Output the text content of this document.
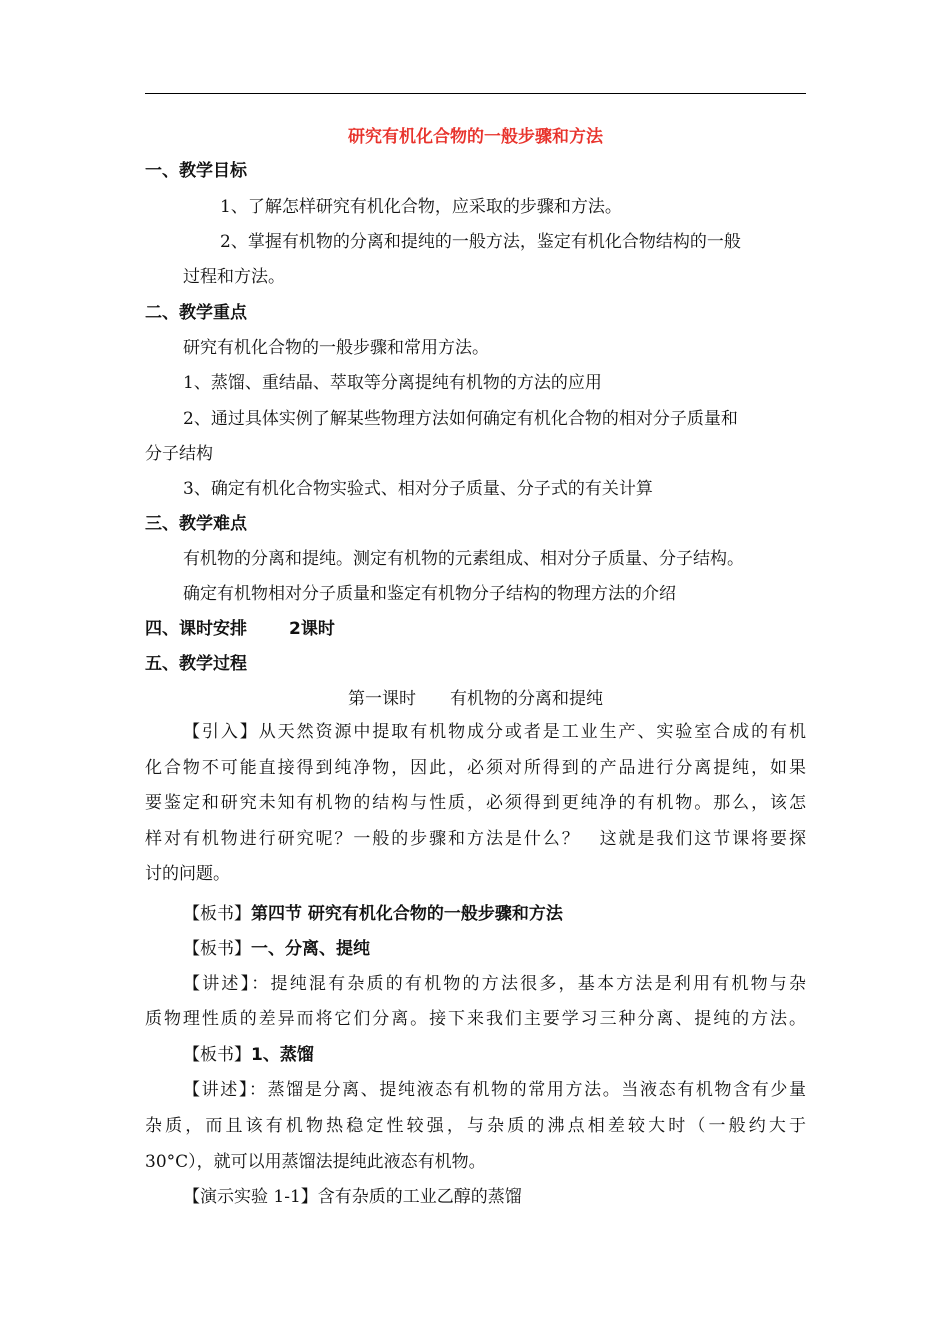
研究有机化合物的一般步骤和方法
一、教学目标
1、了解怎样研究有机化合物，应采取的步骤和方法。
2、掌握有机物的分离和提纯的一般方法，鉴定有机化合物结构的一般
过程和方法。
二、教学重点
研究有机化合物的一般步骤和常用方法。
1、蒸馏、重结晶、萃取等分离提纯有机物的方法的应用
2、通过具体实例了解某些物理方法如何确定有机化合物的相对分子质量和
分子结构
3、确定有机化合物实验式、相对分子质量、分子式的有关计算
三、教学难点
有机物的分离和提纯。测定有机物的元素组成、相对分子质量、分子结构。
确定有机物相对分子质量和鉴定有机物分子结构的物理方法的介绍
四、课时安排 2课时
五、教学过程
第一课时　　有机物的分离和提纯
【引入】从天然资源中提取有机物成分或者是工业生产、实验室合成的有机
化合物不可能直接得到纯净物，因此，必须对所得到的产品进行分离提纯，如果
要鉴定和研究未知有机物的结构与性质，必须得到更纯净的有机物。那么，该怎
样对有机物进行研究呢？一般的步骤和方法是什么？　这就是我们这节课将要探
讨的问题。
【板书】第四节 研究有机化合物的一般步骤和方法
【板书】一、分离、提纯
【讲述】：提纯混有杂质的有机物的方法很多，基本方法是利用有机物与杂
质物理性质的差异而将它们分离。接下来我们主要学习三种分离、提纯的方法。
【板书】1、蒸馏
【讲述】：蒸馏是分离、提纯液态有机物的常用方法。当液态有机物含有少量
杂质，而且该有机物热稳定性较强，与杂质的沸点相差较大时（一般约大于
30°C），就可以用蒸馏法提纯此液态有机物。
【演示实验 1-1】含有杂质的工业乙醇的蒸馏
